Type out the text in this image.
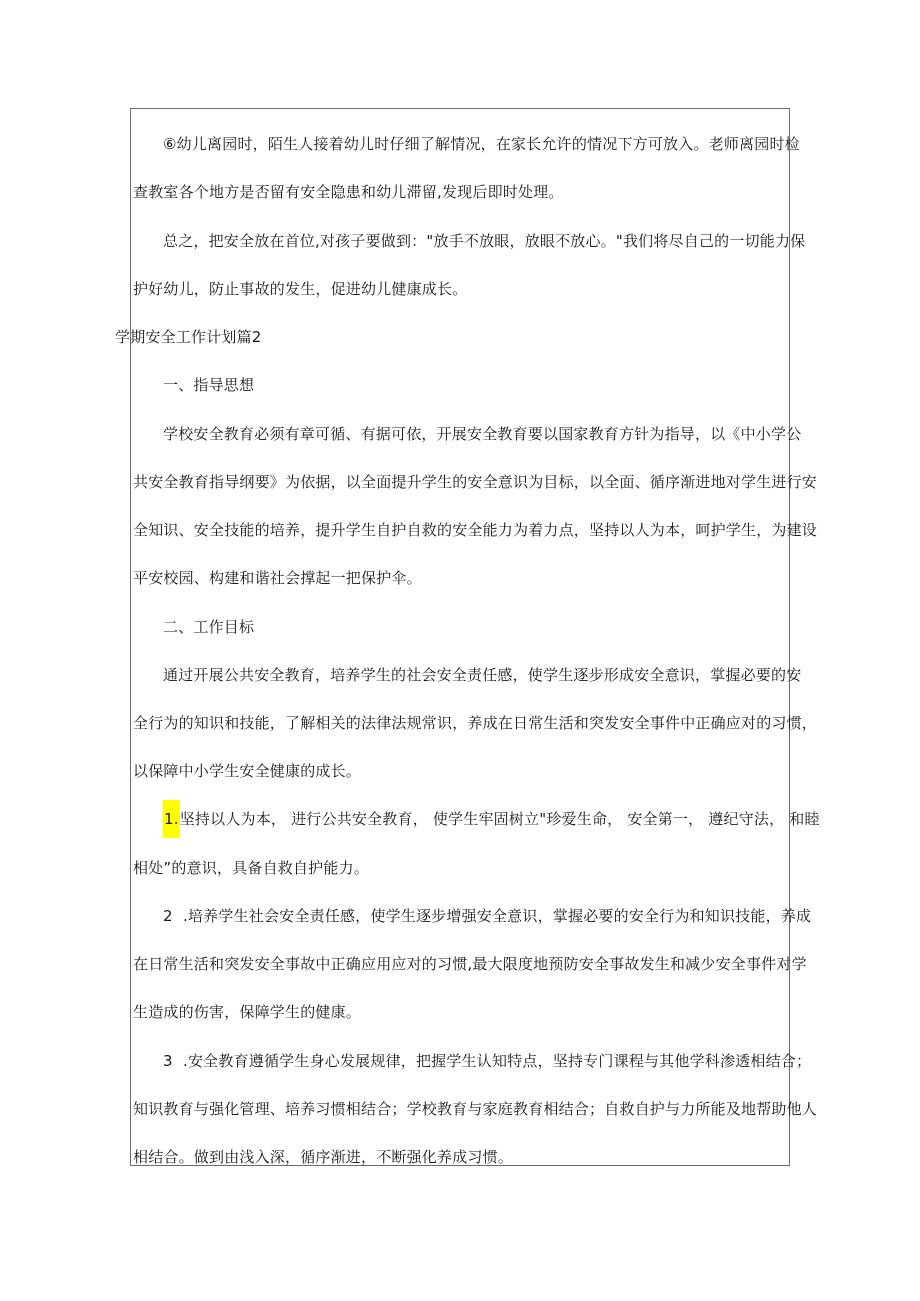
⑥幼儿离园时，陌生人接着幼儿时仔细了解情况，在家长允许的情况下方可放入。老师离园时检
查教室各个地方是否留有安全隐患和幼儿滞留,发现后即时处理。
总之，把安全放在首位,对孩子要做到："放手不放眼，放眼不放心。"我们将尽自己的一切能力保
护好幼儿，防止事故的发生，促进幼儿健康成长。
学期安全工作计划篇2
一、指导思想
学校安全教育必须有章可循、有据可依，开展安全教育要以国家教育方针为指导，以《中小学公
共安全教育指导纲要》为依据，以全面提升学生的安全意识为目标，以全面、循序渐进地对学生进行安
全知识、安全技能的培养，提升学生自护自救的安全能力为着力点，坚持以人为本，呵护学生，为建设
平安校园、构建和谐社会撑起一把保护伞。
二、工作目标
通过开展公共安全教育，培养学生的社会安全责任感，使学生逐步形成安全意识，掌握必要的安
全行为的知识和技能，了解相关的法律法规常识，养成在日常生活和突发安全事件中正确应对的习惯，
以保障中小学生安全健康的成长。
1.坚持以人为本， 进行公共安全教育， 使学生牢固树立"珍爱生命， 安全第一， 遵纪守法， 和睦
相处”的意识，具备自救自护能力。
2 .培养学生社会安全责任感，使学生逐步增强安全意识，掌握必要的安全行为和知识技能，养成
在日常生活和突发安全事故中正确应用应对的习惯,最大限度地预防安全事故发生和减少安全事件对学
生造成的伤害，保障学生的健康。
3 .安全教育遵循学生身心发展规律，把握学生认知特点，坚持专门课程与其他学科渗透相结合；
知识教育与强化管理、培养习惯相结合；学校教育与家庭教育相结合；自救自护与力所能及地帮助他人
相结合。做到由浅入深，循序渐进，不断强化养成习惯。
